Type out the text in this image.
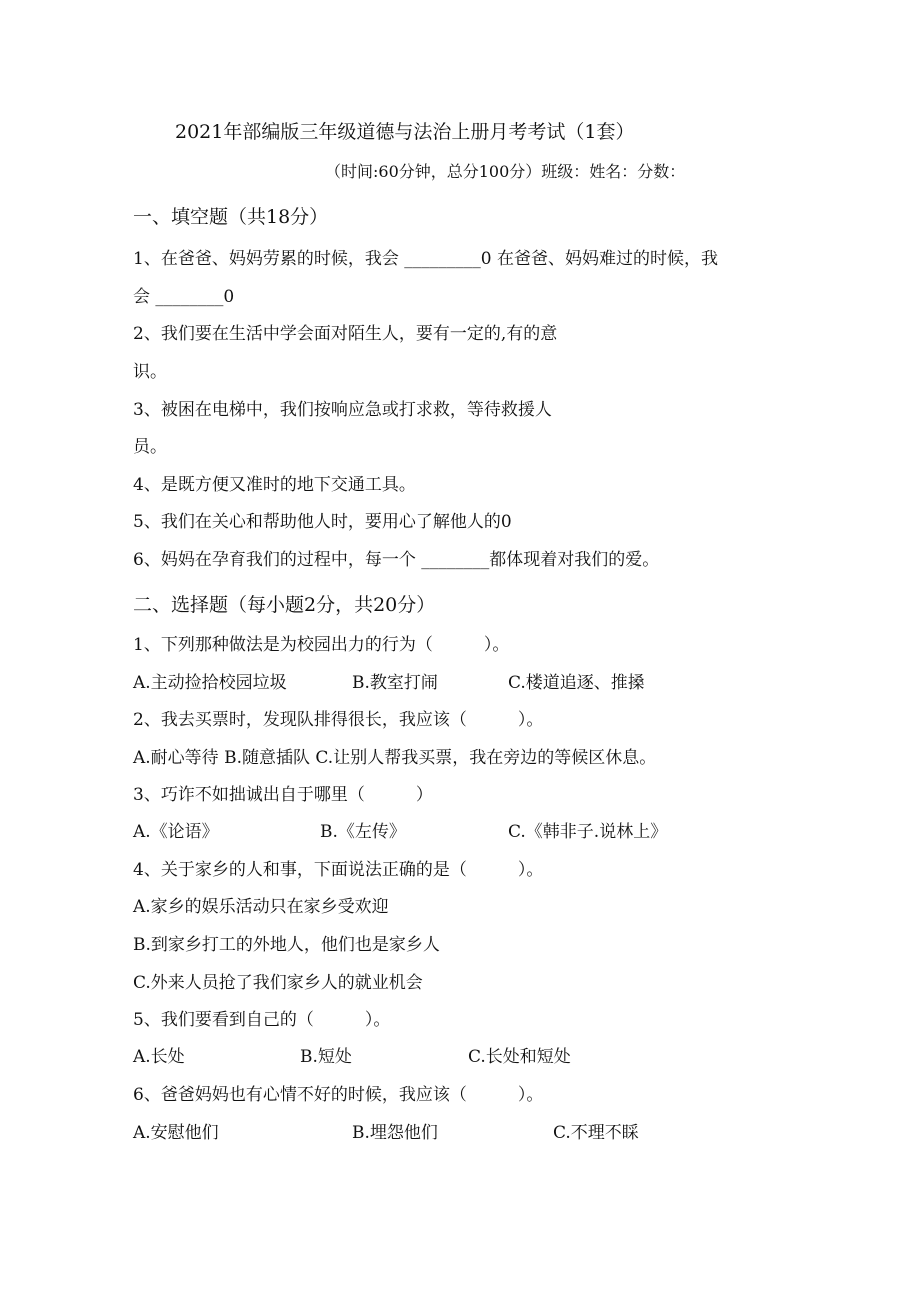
2021年部编版三年级道德与法治上册月考考试（1套）
（时间:60分钟，总分100分）班级：姓名：分数：
一、填空题（共18分）
1、在爸爸、妈妈劳累的时候，我会 _________0 在爸爸、妈妈难过的时候，我
会 ________0
2、我们要在生活中学会面对陌生人，要有一定的,有的意
识。
3、被困在电梯中，我们按响应急或打求救，等待救援人
员。
4、是既方便又准时的地下交通工具。
5、我们在关心和帮助他人时，要用心了解他人的0
6、妈妈在孕育我们的过程中，每一个 ________都体现着对我们的爱。
二、选择题（每小题2分，共20分）
1、下列那种做法是为校园出力的行为（　　　）。
A.主动捡拾校园垃圾	B.教室打闹	C.楼道追逐、推搡
2、我去买票时，发现队排得很长，我应该（　　　）。
A.耐心等待 B.随意插队 C.让别人帮我买票，我在旁边的等候区休息。
3、巧诈不如拙诚出自于哪里（　　　）
A.《论语》	B.《左传》	C.《韩非子.说林上》
4、关于家乡的人和事，下面说法正确的是（　　　）。
A.家乡的娱乐活动只在家乡受欢迎
B.到家乡打工的外地人，他们也是家乡人
C.外来人员抢了我们家乡人的就业机会
5、我们要看到自己的（　　　）。
A.长处	B.短处	C.长处和短处
6、爸爸妈妈也有心情不好的时候，我应该（　　　）。
A.安慰他们	B.埋怨他们	C.不理不睬
